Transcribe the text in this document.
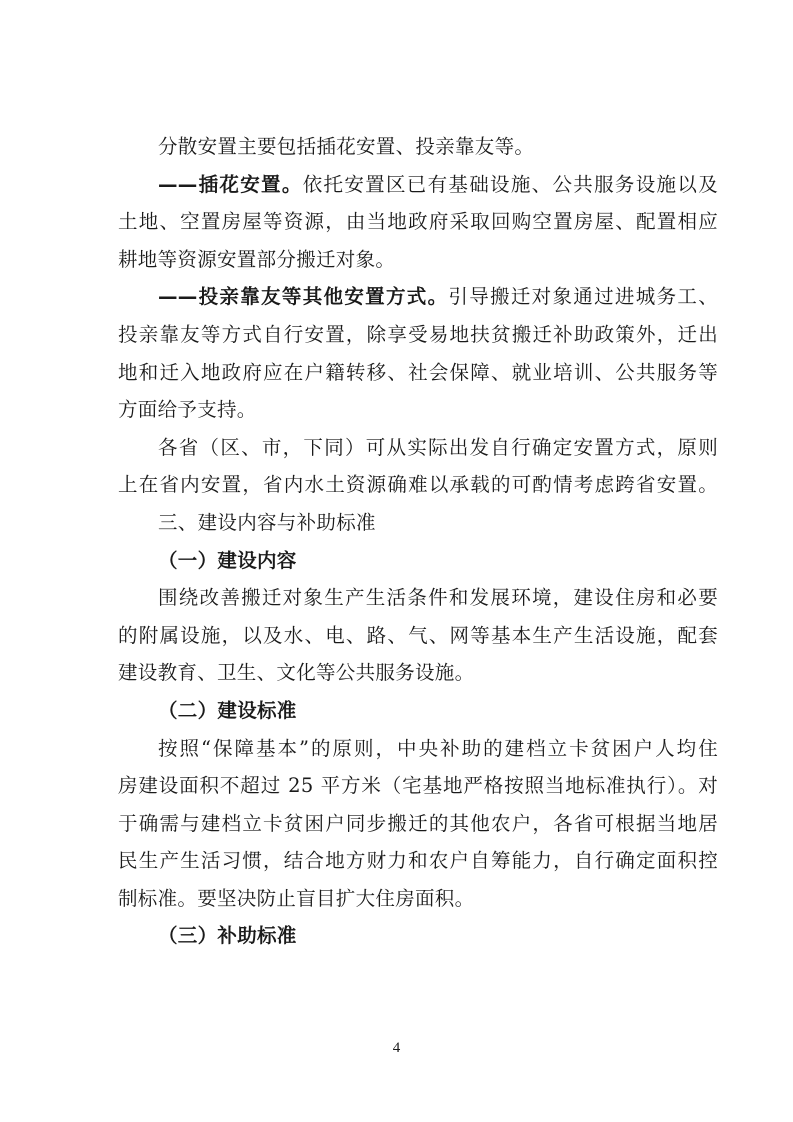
分散安置主要包括插花安置、投亲靠友等。
——插花安置。依托安置区已有基础设施、公共服务设施以及
土地、空置房屋等资源，由当地政府采取回购空置房屋、配置相应
耕地等资源安置部分搬迁对象。
——投亲靠友等其他安置方式。引导搬迁对象通过进城务工、
投亲靠友等方式自行安置，除享受易地扶贫搬迁补助政策外，迁出
地和迁入地政府应在户籍转移、社会保障、就业培训、公共服务等
方面给予支持。
各省（区、市，下同）可从实际出发自行确定安置方式，原则
上在省内安置，省内水土资源确难以承载的可酌情考虑跨省安置。
三、建设内容与补助标准
（一）建设内容
围绕改善搬迁对象生产生活条件和发展环境，建设住房和必要
的附属设施，以及水、电、路、气、网等基本生产生活设施，配套
建设教育、卫生、文化等公共服务设施。
（二）建设标准
按照“保障基本”的原则，中央补助的建档立卡贫困户人均住
房建设面积不超过 25 平方米（宅基地严格按照当地标准执行）。对
于确需与建档立卡贫困户同步搬迁的其他农户，各省可根据当地居
民生产生活习惯，结合地方财力和农户自筹能力，自行确定面积控
制标准。要坚决防止盲目扩大住房面积。
（三）补助标准
4
